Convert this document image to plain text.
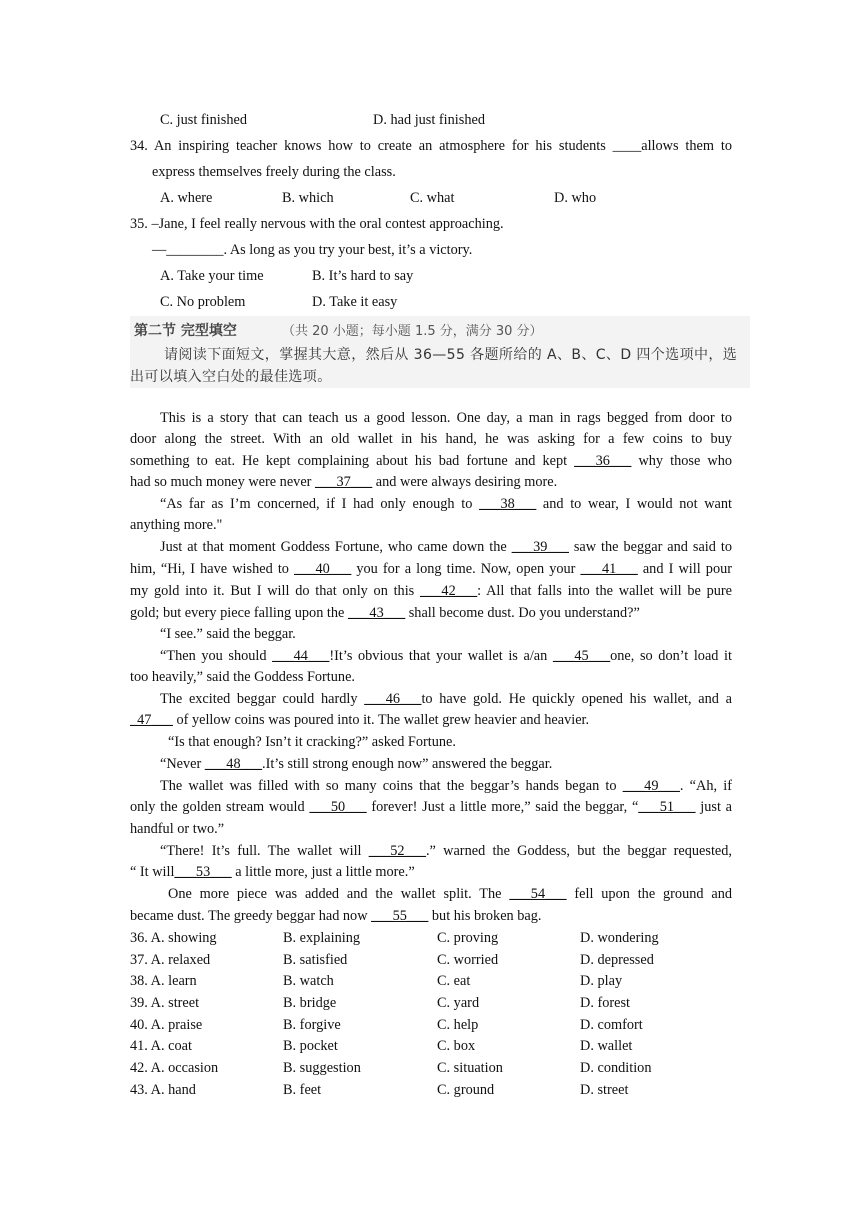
C. just finished	D. had just finished
34. An inspiring teacher knows how to create an atmosphere for his students ____allows them to
express themselves freely during the class.
A. where	B. which	C. what	D. who
35. –Jane, I feel really nervous with the oral contest approaching.
—________. As long as you try your best, it’s a victory.
A. Take your time	B. It’s hard to say
C. No problem	D. Take it easy
第二节 完型填空	（共 20 小题；每小题 1.5 分，满分 30 分）
请阅读下面短文，掌握其大意，然后从 36—55 各题所给的 A、B、C、D 四个选项中，选
出可以填入空白处的最佳选项。
This is a story that can teach us a good lesson. One day, a man in rags begged from door to
door along the street. With an old wallet in his hand, he was asking for a few coins to buy
something to eat. He kept complaining about his bad fortune and kept ___36___ why those who
had so much money were never ___37___ and were always desiring more.
“As far as I’m concerned, if I had only enough to ___38___ and to wear, I would not want
anything more."
Just at that moment Goddess Fortune, who came down the ___39___ saw the beggar and said to
him, “Hi, I have wished to ___40___ you for a long time. Now, open your ___41___ and I will pour
my gold into it. But I will do that only on this ___42___: All that falls into the wallet will be pure
gold; but every piece falling upon the ___43___ shall become dust. Do you understand?”
“I see.” said the beggar.
“Then you should ___44___!It’s obvious that your wallet is a/an ___45___one, so don’t load it
too heavily,” said the Goddess Fortune.
The excited beggar could hardly ___46___to have gold. He quickly opened his wallet, and a
_47___ of yellow coins was poured into it. The wallet grew heavier and heavier.
“Is that enough? Isn’t it cracking?” asked Fortune.
“Never ___48___.It’s still strong enough now” answered the beggar.
The wallet was filled with so many coins that the beggar’s hands began to ___49___. “Ah, if
only the golden stream would ___50___ forever! Just a little more,” said the beggar, “___51___ just a
handful or two.”
“There! It’s full. The wallet will ___52___.” warned the Goddess, but the beggar requested,
“ It will___53___ a little more, just a little more.”
One more piece was added and the wallet split. The ___54___ fell upon the ground and
became dust. The greedy beggar had now ___55___ but his broken bag.
36. A. showing	B. explaining	C. proving	D. wondering
37. A. relaxed	B. satisfied	C. worried	D. depressed
38. A. learn	B. watch	C. eat	D. play
39. A. street	B. bridge	C. yard	D. forest
40. A. praise	B. forgive	C. help	D. comfort
41. A. coat	B. pocket	C. box	D. wallet
42. A. occasion	B. suggestion	C. situation	D. condition
43. A. hand	B. feet	C. ground	D. street
